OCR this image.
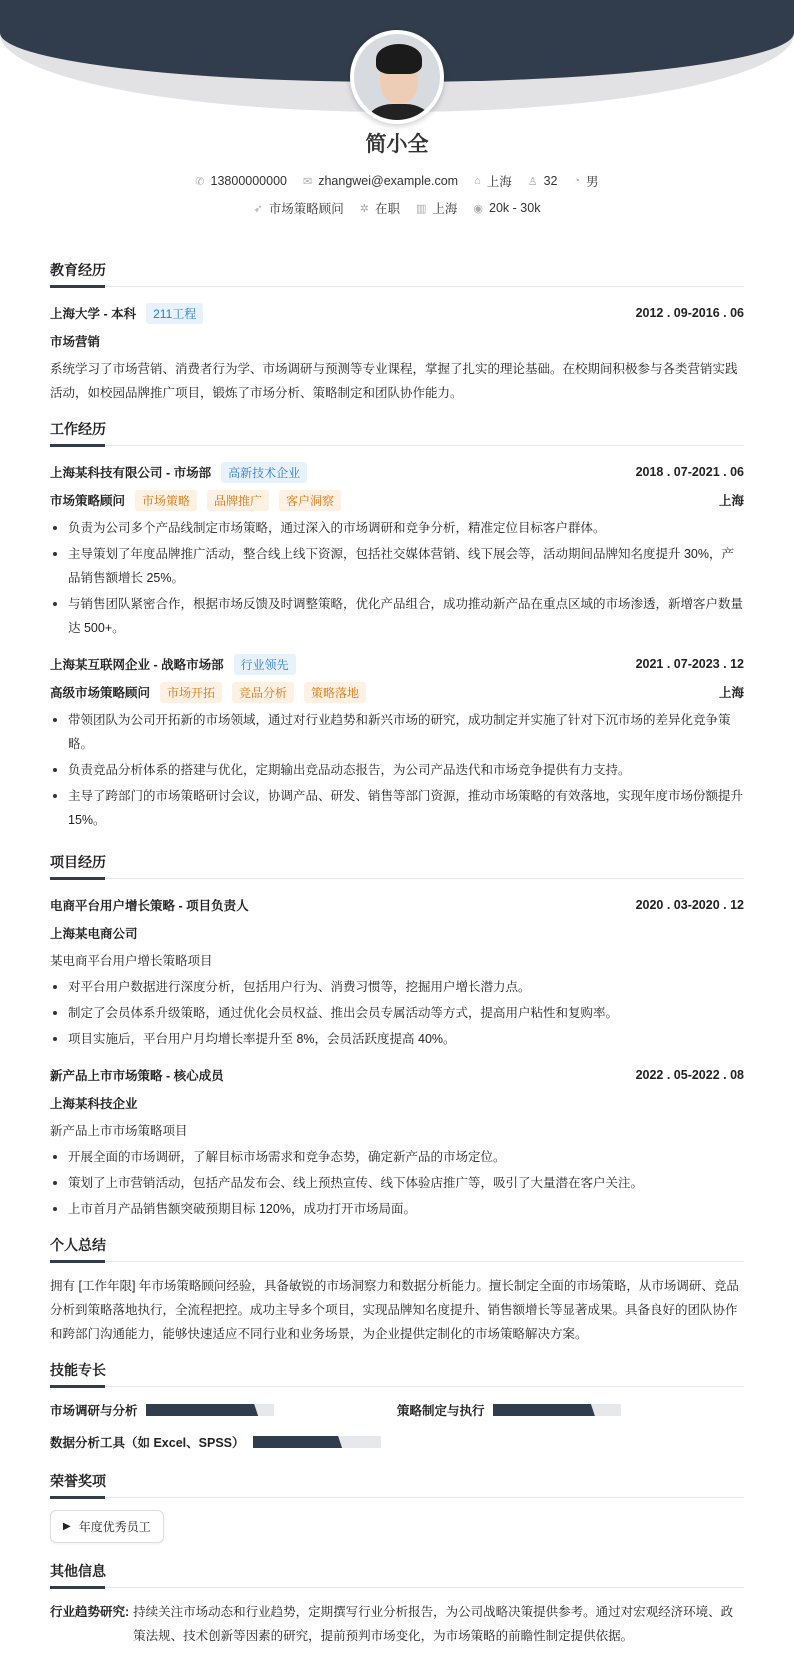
简小全
✆ 13800000000 ✉ zhangwei@example.com ⌂ 上海 ♙ 32 ◔ 男
➶ 市场策略顾问 ✲ 在职 ▥ 上海 ◉ 20k - 30k
教育经历
上海大学 - 本科	211工程	2012 . 09-2016 . 06
市场营销

系统学习了市场营销、消费者行为学、市场调研与预测等专业课程，掌握了扎实的理论基础。在校期间积极参与各类营销实践活动，如校园品牌推广项目，锻炼了市场分析、策略制定和团队协作能力。

工作经历
上海某科技有限公司 - 市场部	高新技术企业	2018 . 07-2021 . 06
市场策略顾问	市场策略	品牌推广	客户洞察	上海
负责为公司多个产品线制定市场策略，通过深入的市场调研和竞争分析，精准定位目标客户群体。
主导策划了年度品牌推广活动，整合线上线下资源，包括社交媒体营销、线下展会等，活动期间品牌知名度提升 30%，产品销售额增长 25%。
与销售团队紧密合作，根据市场反馈及时调整策略，优化产品组合，成功推动新产品在重点区域的市场渗透，新增客户数量达 500+。
上海某互联网企业 - 战略市场部	行业领先	2021 . 07-2023 . 12
高级市场策略顾问	市场开拓	竞品分析	策略落地	上海
带领团队为公司开拓新的市场领域，通过对行业趋势和新兴市场的研究，成功制定并实施了针对下沉市场的差异化竞争策略。
负责竞品分析体系的搭建与优化，定期输出竞品动态报告，为公司产品迭代和市场竞争提供有力支持。
主导了跨部门的市场策略研讨会议，协调产品、研发、销售等部门资源，推动市场策略的有效落地，实现年度市场份额提升 15%。
项目经历
电商平台用户增长策略 - 项目负责人	2020 . 03-2020 . 12
上海某电商公司

某电商平台用户增长策略项目

对平台用户数据进行深度分析，包括用户行为、消费习惯等，挖掘用户增长潜力点。
制定了会员体系升级策略，通过优化会员权益、推出会员专属活动等方式，提高用户粘性和复购率。
项目实施后，平台用户月均增长率提升至 8%，会员活跃度提高 40%。
新产品上市市场策略 - 核心成员	2022 . 05-2022 . 08
上海某科技企业

新产品上市市场策略项目

开展全面的市场调研，了解目标市场需求和竞争态势，确定新产品的市场定位。
策划了上市营销活动，包括产品发布会、线上预热宣传、线下体验店推广等，吸引了大量潜在客户关注。
上市首月产品销售额突破预期目标 120%，成功打开市场局面。
个人总结

拥有 [工作年限] 年市场策略顾问经验，具备敏锐的市场洞察力和数据分析能力。擅长制定全面的市场策略，从市场调研、竞品分析到策略落地执行，全流程把控。成功主导多个项目，实现品牌知名度提升、销售额增长等显著成果。具备良好的团队协作和跨部门沟通能力，能够快速适应不同行业和业务场景，为企业提供定制化的市场策略解决方案。

技能专长
市场调研与分析	策略制定与执行
数据分析工具（如 Excel、SPSS）
荣誉奖项
▶ 年度优秀员工
其他信息
行业趋势研究: 持续关注市场动态和行业趋势，定期撰写行业分析报告，为公司战略决策提供参考。通过对宏观经济环境、政策法规、技术创新等因素的研究，提前预判市场变化，为市场策略的前瞻性制定提供依据。
